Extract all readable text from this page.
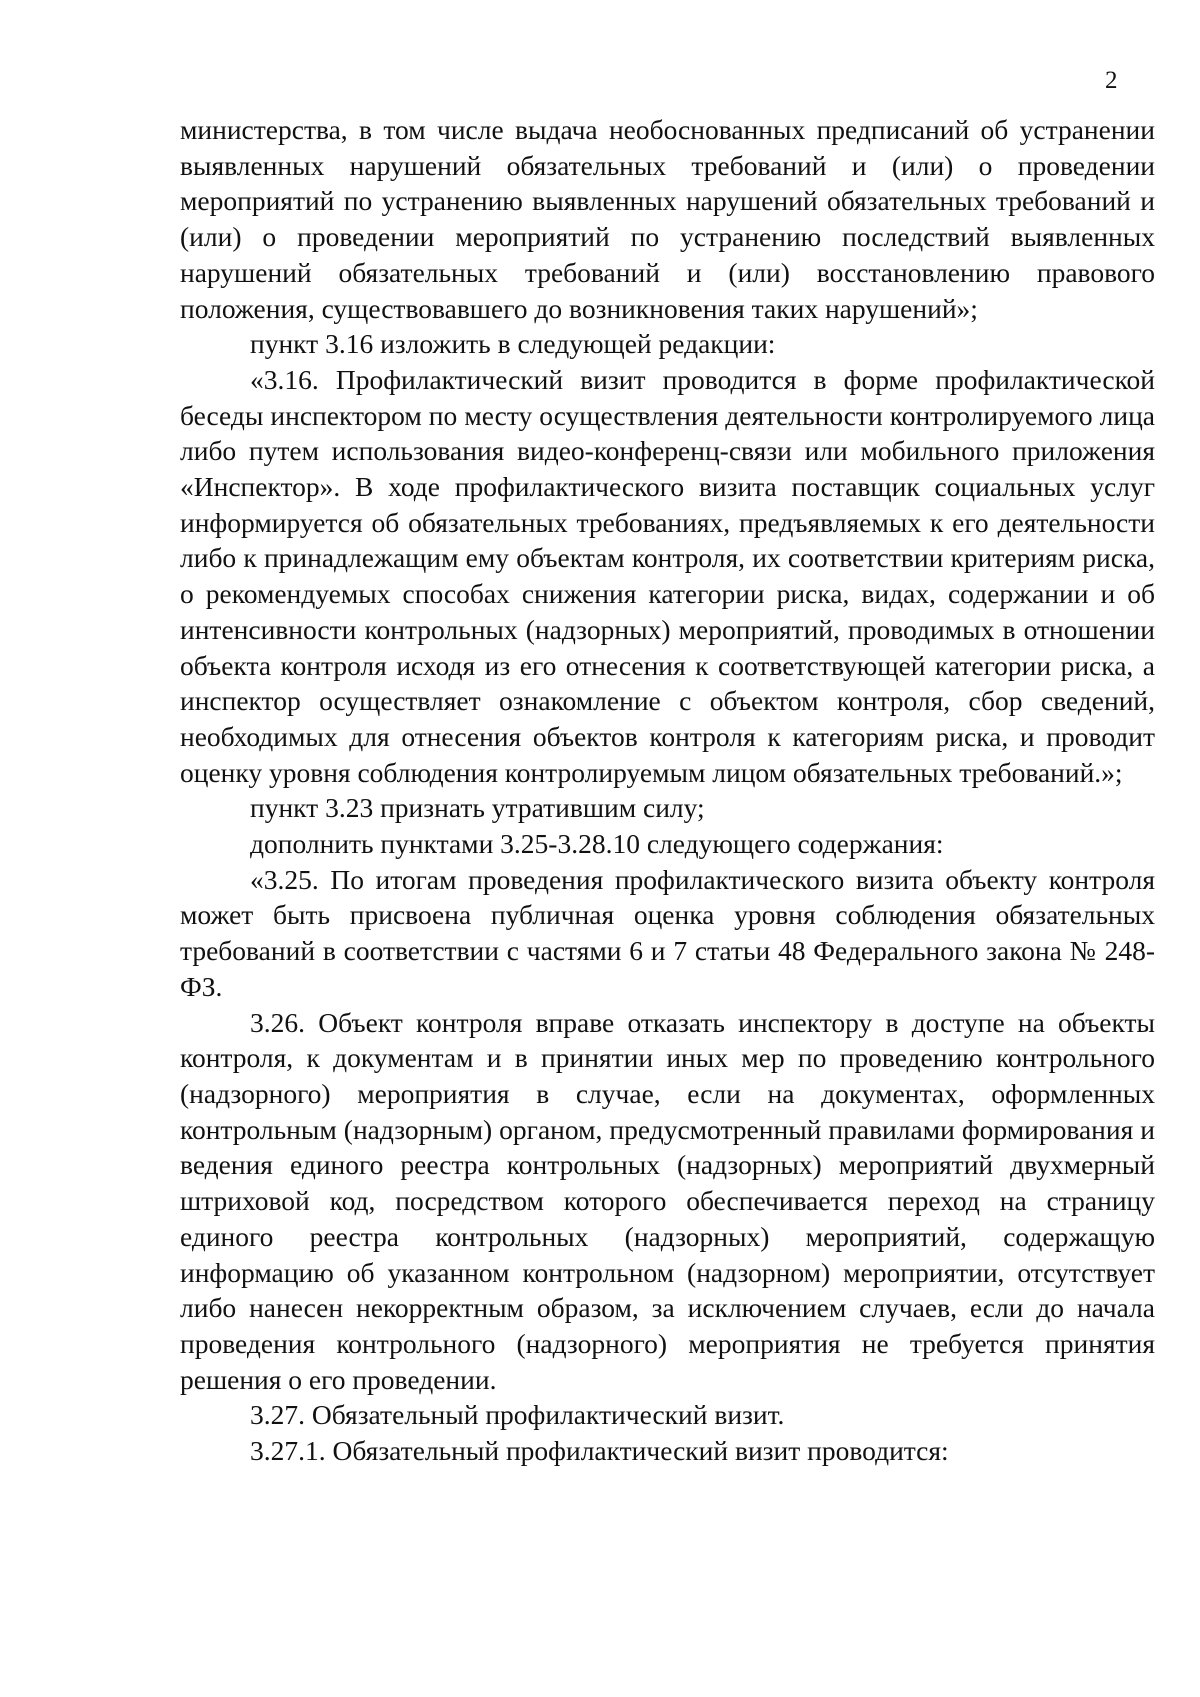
2

министерства, в том числе выдача необоснованных предписаний об устранении выявленных нарушений обязательных требований и (или) о проведении мероприятий по устранению выявленных нарушений обязательных требований и (или) о проведении мероприятий по устранению последствий выявленных нарушений обязательных требований и (или) восстановлению правового положения, существовавшего до возникновения таких нарушений»;

пункт 3.16 изложить в следующей редакции:

«3.16. Профилактический визит проводится в форме профилактической беседы инспектором по месту осуществления деятельности контролируемого лица либо путем использования видео-конференц-связи или мобильного приложения «Инспектор». В ходе профилактического визита поставщик социальных услуг информируется об обязательных требованиях, предъявляемых к его деятельности либо к принадлежащим ему объектам контроля, их соответствии критериям риска, о рекомендуемых способах снижения категории риска, видах, содержании и об интенсивности контрольных (надзорных) мероприятий, проводимых в отношении объекта контроля исходя из его отнесения к соответствующей категории риска, а инспектор осуществляет ознакомление с объектом контроля, сбор сведений, необходимых для отнесения объектов контроля к категориям риска, и проводит оценку уровня соблюдения контролируемым лицом обязательных требований.»;

пункт 3.23 признать утратившим силу;

дополнить пунктами 3.25-3.28.10 следующего содержания:

«3.25. По итогам проведения профилактического визита объекту контроля может быть присвоена публичная оценка уровня соблюдения обязательных требований в соответствии с частями 6 и 7 статьи 48 Федерального закона № 248-ФЗ.

3.26. Объект контроля вправе отказать инспектору в доступе на объекты контроля, к документам и в принятии иных мер по проведению контрольного (надзорного) мероприятия в случае, если на документах, оформленных контрольным (надзорным) органом, предусмотренный правилами формирования и ведения единого реестра контрольных (надзорных) мероприятий двухмерный штриховой код, посредством которого обеспечивается переход на страницу единого реестра контрольных (надзорных) мероприятий, содержащую информацию об указанном контрольном (надзорном) мероприятии, отсутствует либо нанесен некорректным образом, за исключением случаев, если до начала проведения контрольного (надзорного) мероприятия не требуется принятия решения о его проведении.

3.27. Обязательный профилактический визит.

3.27.1. Обязательный профилактический визит проводится:
